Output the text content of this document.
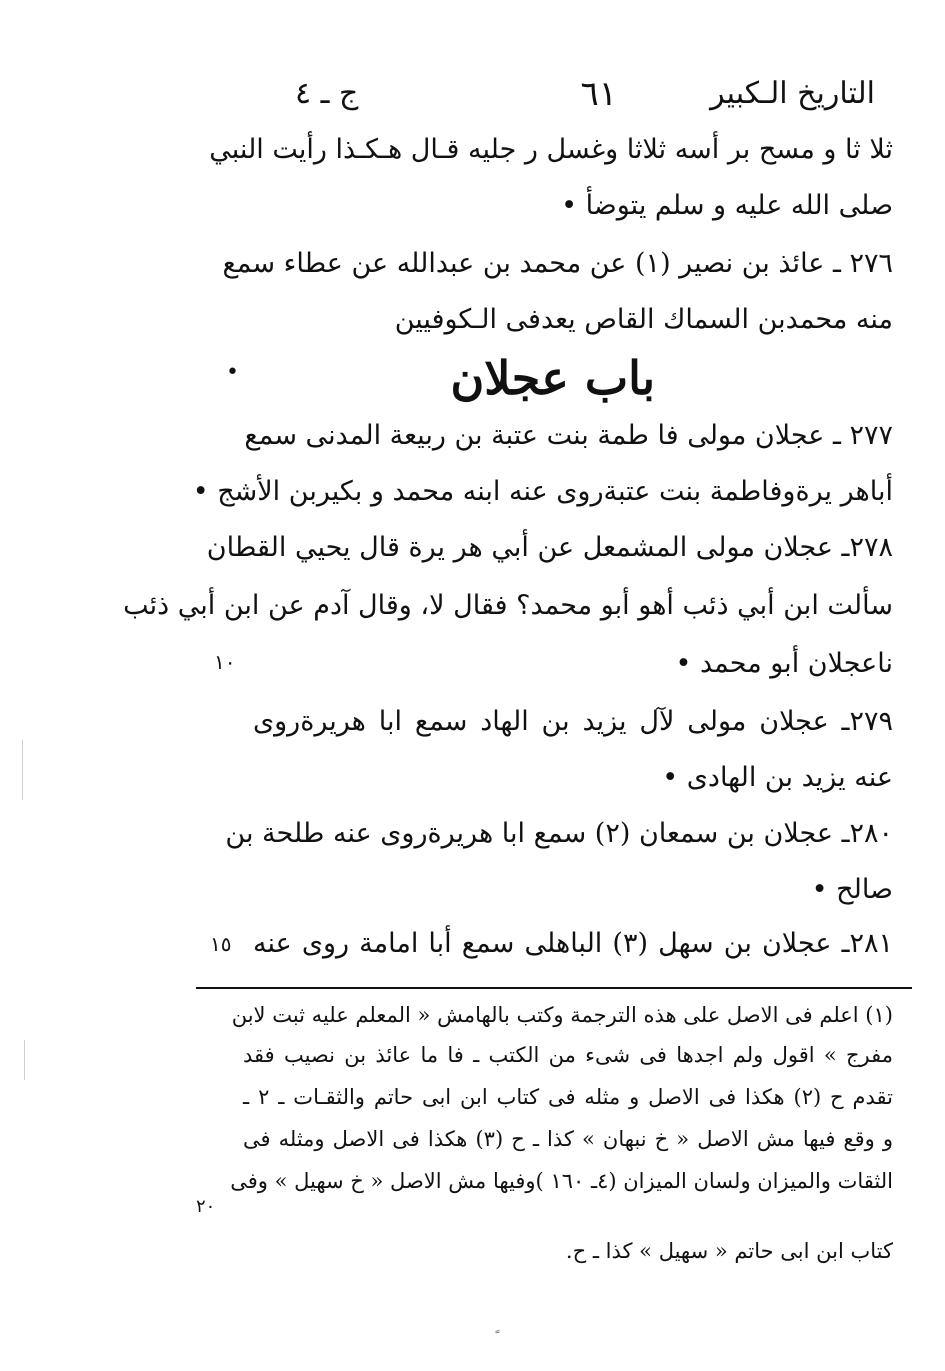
التاريخ الـكبير
٦١
ج ـ ٤
ثلا ثا و مسح بر أسه ثلاثا وغسل ر جليه قـال هـكـذا رأيت النبي
صلى الله عليه و سلم يتوضأ •
٢٧٦ ـ عائذ بن نصير (١) عن محمد بن عبدالله عن عطاء سمع
منه محمدبن السماك القاص يعدفى الـكوفيين
باب عجلان
•
٢٧٧ ـ عجلان مولى فا طمة بنت عتبة بن ربيعة المدنى سمع
أباهر يرةوفاطمة بنت عتبةروى عنه ابنه محمد و بكيربن الأشج •
٢٧٨ـ عجلان مولى المشمعل عن أبي هر يرة قال يحيي القطان
سألت ابن أبي ذئب أهو أبو محمد؟ فقال لا، وقال آدم عن ابن أبي ذئب
ناعجلان أبو محمد •
١٠
٢٧٩ـ عجلان مولى لآل يزيد بن الهاد سمع ابا هريرةروى
عنه يزيد بن الهادى •
٢٨٠ـ عجلان بن سمعان (٢) سمع ابا هريرةروى عنه طلحة بن
صالح •
٢٨١ـ عجلان بن سهل (٣) الباهلى سمع أبا امامة روى عنه
١٥
(١) اعلم فى الاصل على هذه الترجمة وكتب بالهامش « المعلم عليه ثبت لابن
مفرج » اقول ولم اجدها فى شىء من الكتب ـ فا ما عائذ بن نصيب فقد
تقدم ح (٢) هكذا فى الاصل و مثله فى كتاب ابن ابى حاتم والثقـات ـ ٢ ـ
و وقع فيها مش الاصل « خ نبهان » كذا ـ ح (٣) هكذا فى الاصل ومثله فى
الثقات والميزان ولسان الميزان (٤ـ ١٦٠ )وفيها مش الاصل « خ سهيل » وفى
٢٠
كتاب ابن ابى حاتم « سهيل » كذا ـ ح.
